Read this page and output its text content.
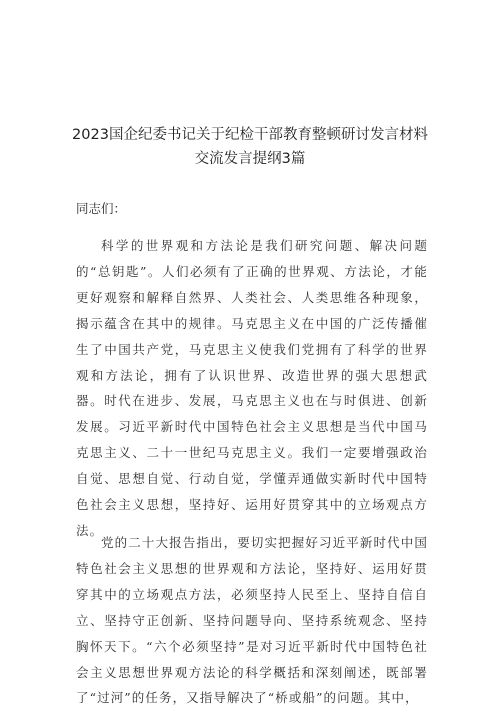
2023国企纪委书记关于纪检干部教育整顿研讨发言材料
交流发言提纲3篇
同志们：
科学的世界观和方法论是我们研究问题、解决问题的“总钥匙”。人们必须有了正确的世界观、方法论，才能更好观察和解释自然界、人类社会、人类思维各种现象，揭示蕴含在其中的规律。马克思主义在中国的广泛传播催生了中国共产党，马克思主义使我们党拥有了科学的世界观和方法论，拥有了认识世界、改造世界的强大思想武器。时代在进步、发展，马克思主义也在与时俱进、创新发展。习近平新时代中国特色社会主义思想是当代中国马克思主义、二十一世纪马克思主义。我们一定要增强政治自觉、思想自觉、行动自觉，学懂弄通做实新时代中国特色社会主义思想，坚持好、运用好贯穿其中的立场观点方法。
党的二十大报告指出，要切实把握好习近平新时代中国特色社会主义思想的世界观和方法论，坚持好、运用好贯穿其中的立场观点方法，必须坚持人民至上、坚持自信自立、坚持守正创新、坚持问题导向、坚持系统观念、坚持胸怀天下。“六个必须坚持”是对习近平新时代中国特色社会主义思想世界观方法论的科学概括和深刻阐述，既部署了“过河”的任务，又指导解决了“桥或船”的问题。其中，
